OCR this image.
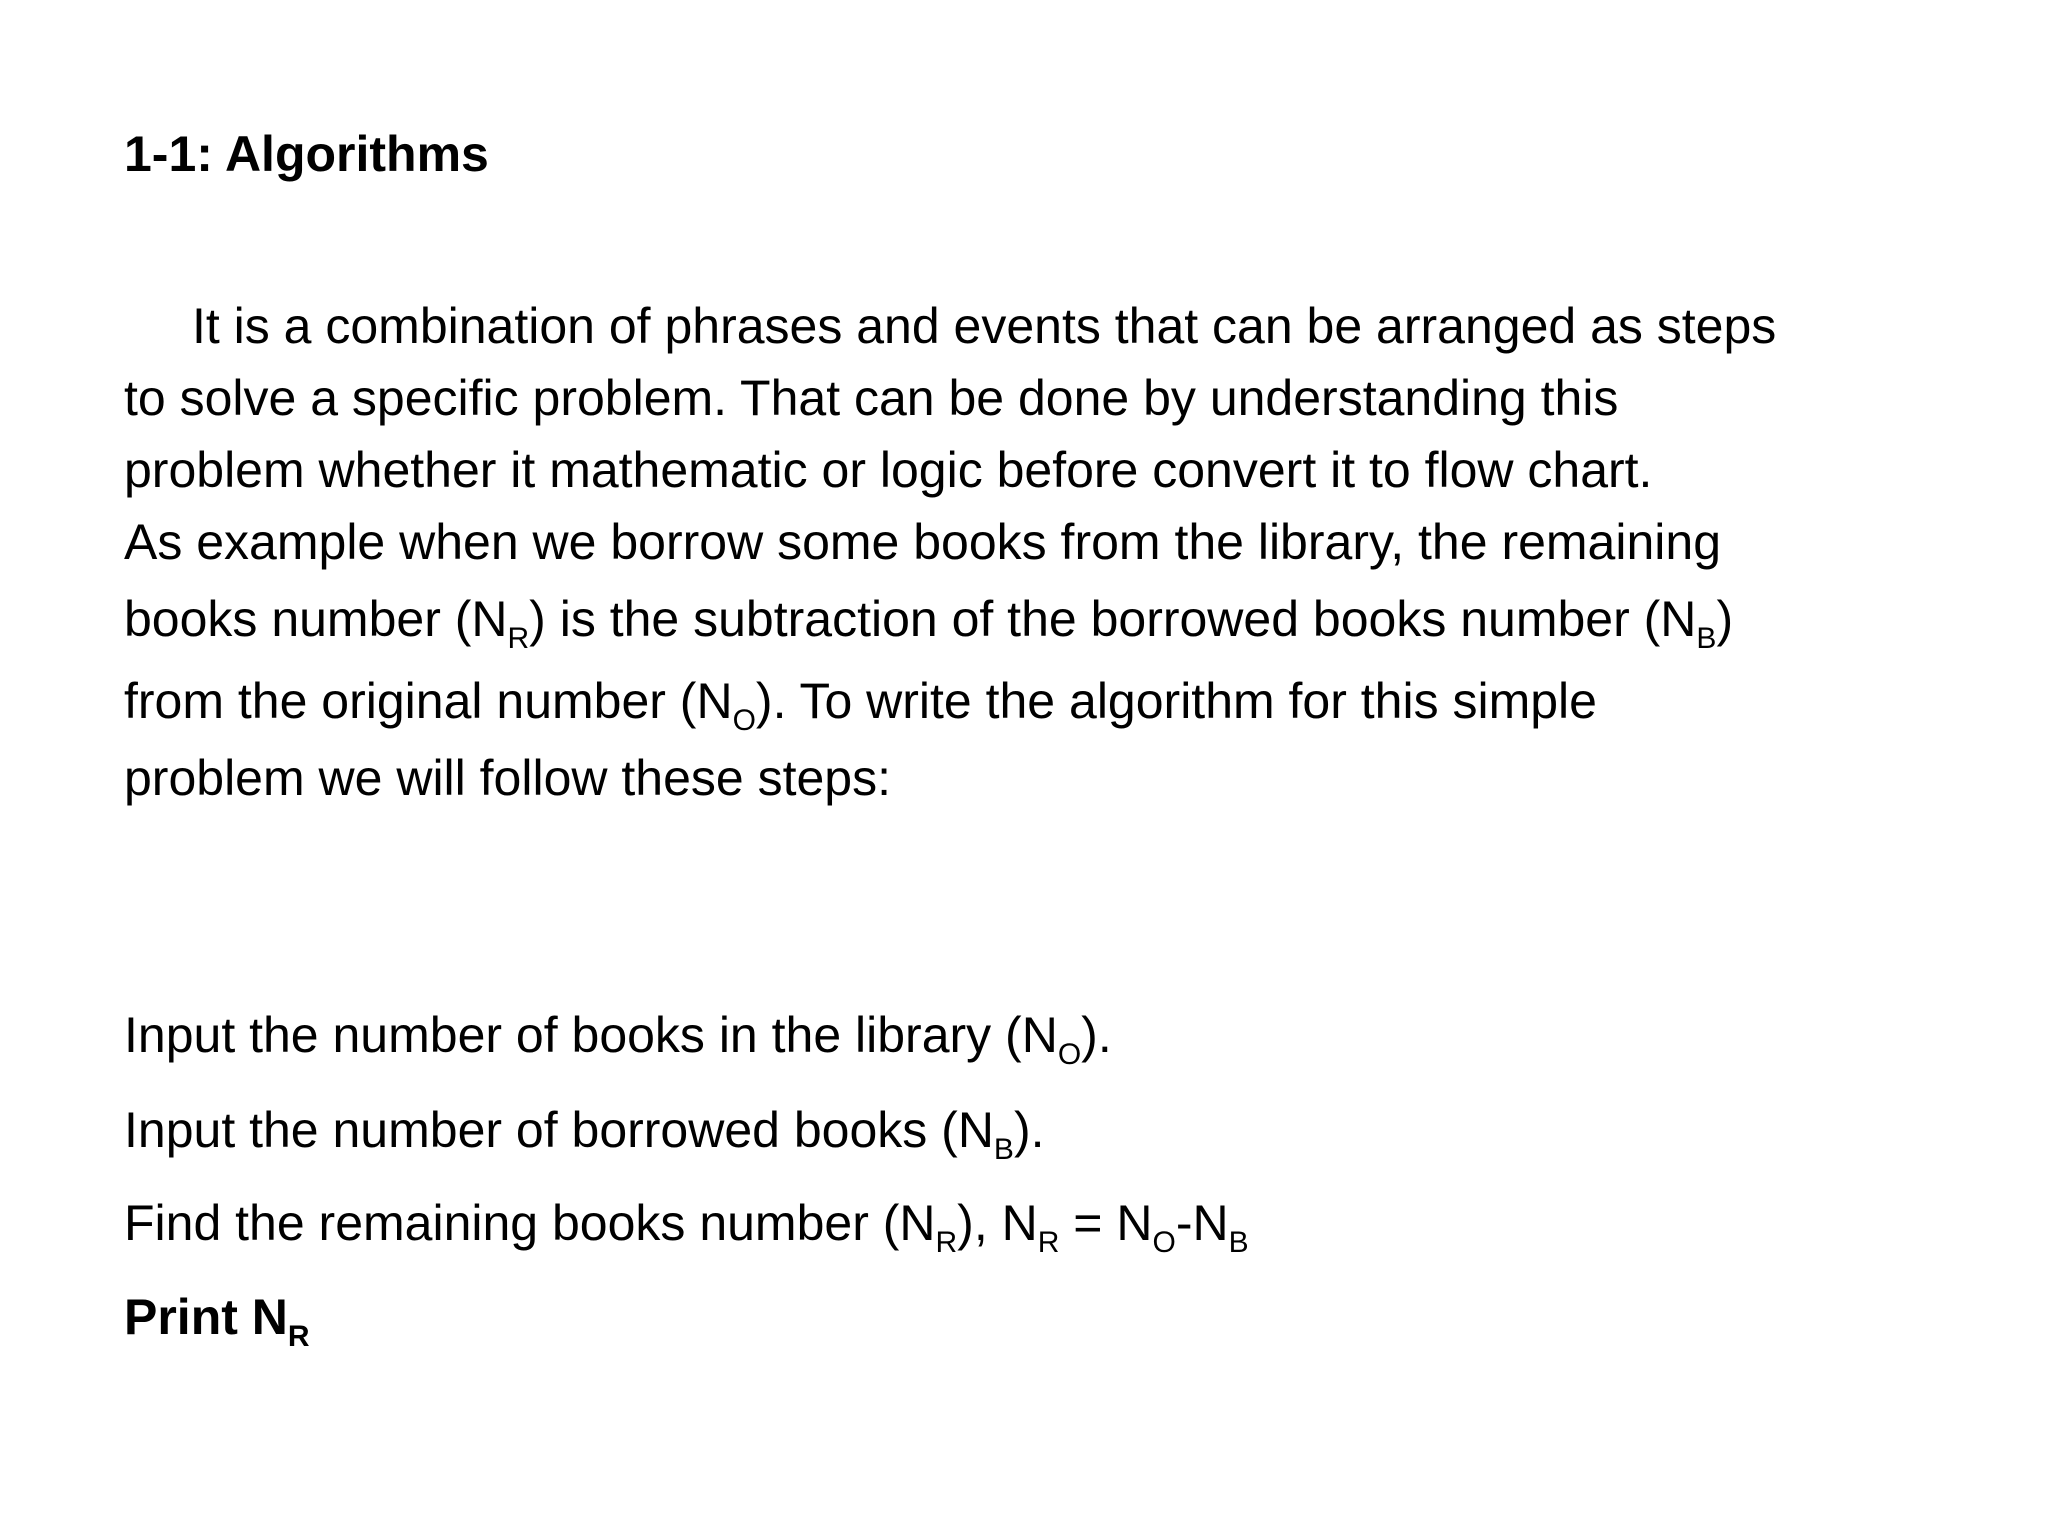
1-1: Algorithms
It is a combination of phrases and events that can be arranged as steps
to solve a specific problem. That can be done by understanding this
problem whether it mathematic or logic before convert it to flow chart.
As example when we borrow some books from the library, the remaining
books number $(N_R)$ is the subtraction of the borrowed books number $(N_B)$
from the original number $(N_O)$. To write the algorithm for this simple
problem we will follow these steps:
Input the number of books in the library $(N_O)$.
Input the number of borrowed books $(N_B)$.
Find the remaining books number $(N_R)$, $N_R = N_O-N_B$
Print $N_R$
